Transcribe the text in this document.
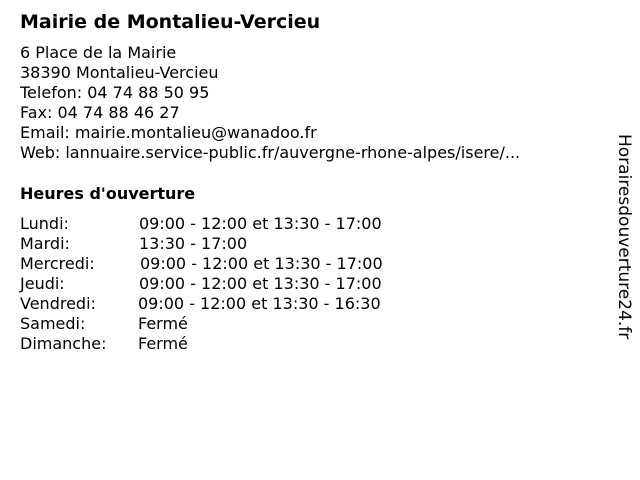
Mairie de Montalieu-Vercieu
6 Place de la Mairie
38390 Montalieu-Vercieu
Telefon: 04 74 88 50 95
Fax: 04 74 88 46 27
Email: mairie.montalieu@wanadoo.fr
Web: lannuaire.service-public.fr/auvergne-rhone-alpes/isere/...
Heures d'ouverture
Lundi:	09:00 - 12:00 et 13:30 - 17:00
Mardi:	13:30 - 17:00
Mercredi:	09:00 - 12:00 et 13:30 - 17:00
Jeudi:	09:00 - 12:00 et 13:30 - 17:00
Vendredi:	09:00 - 12:00 et 13:30 - 16:30
Samedi:	Fermé
Dimanche: Fermé
Horairesdouverture24.fr
